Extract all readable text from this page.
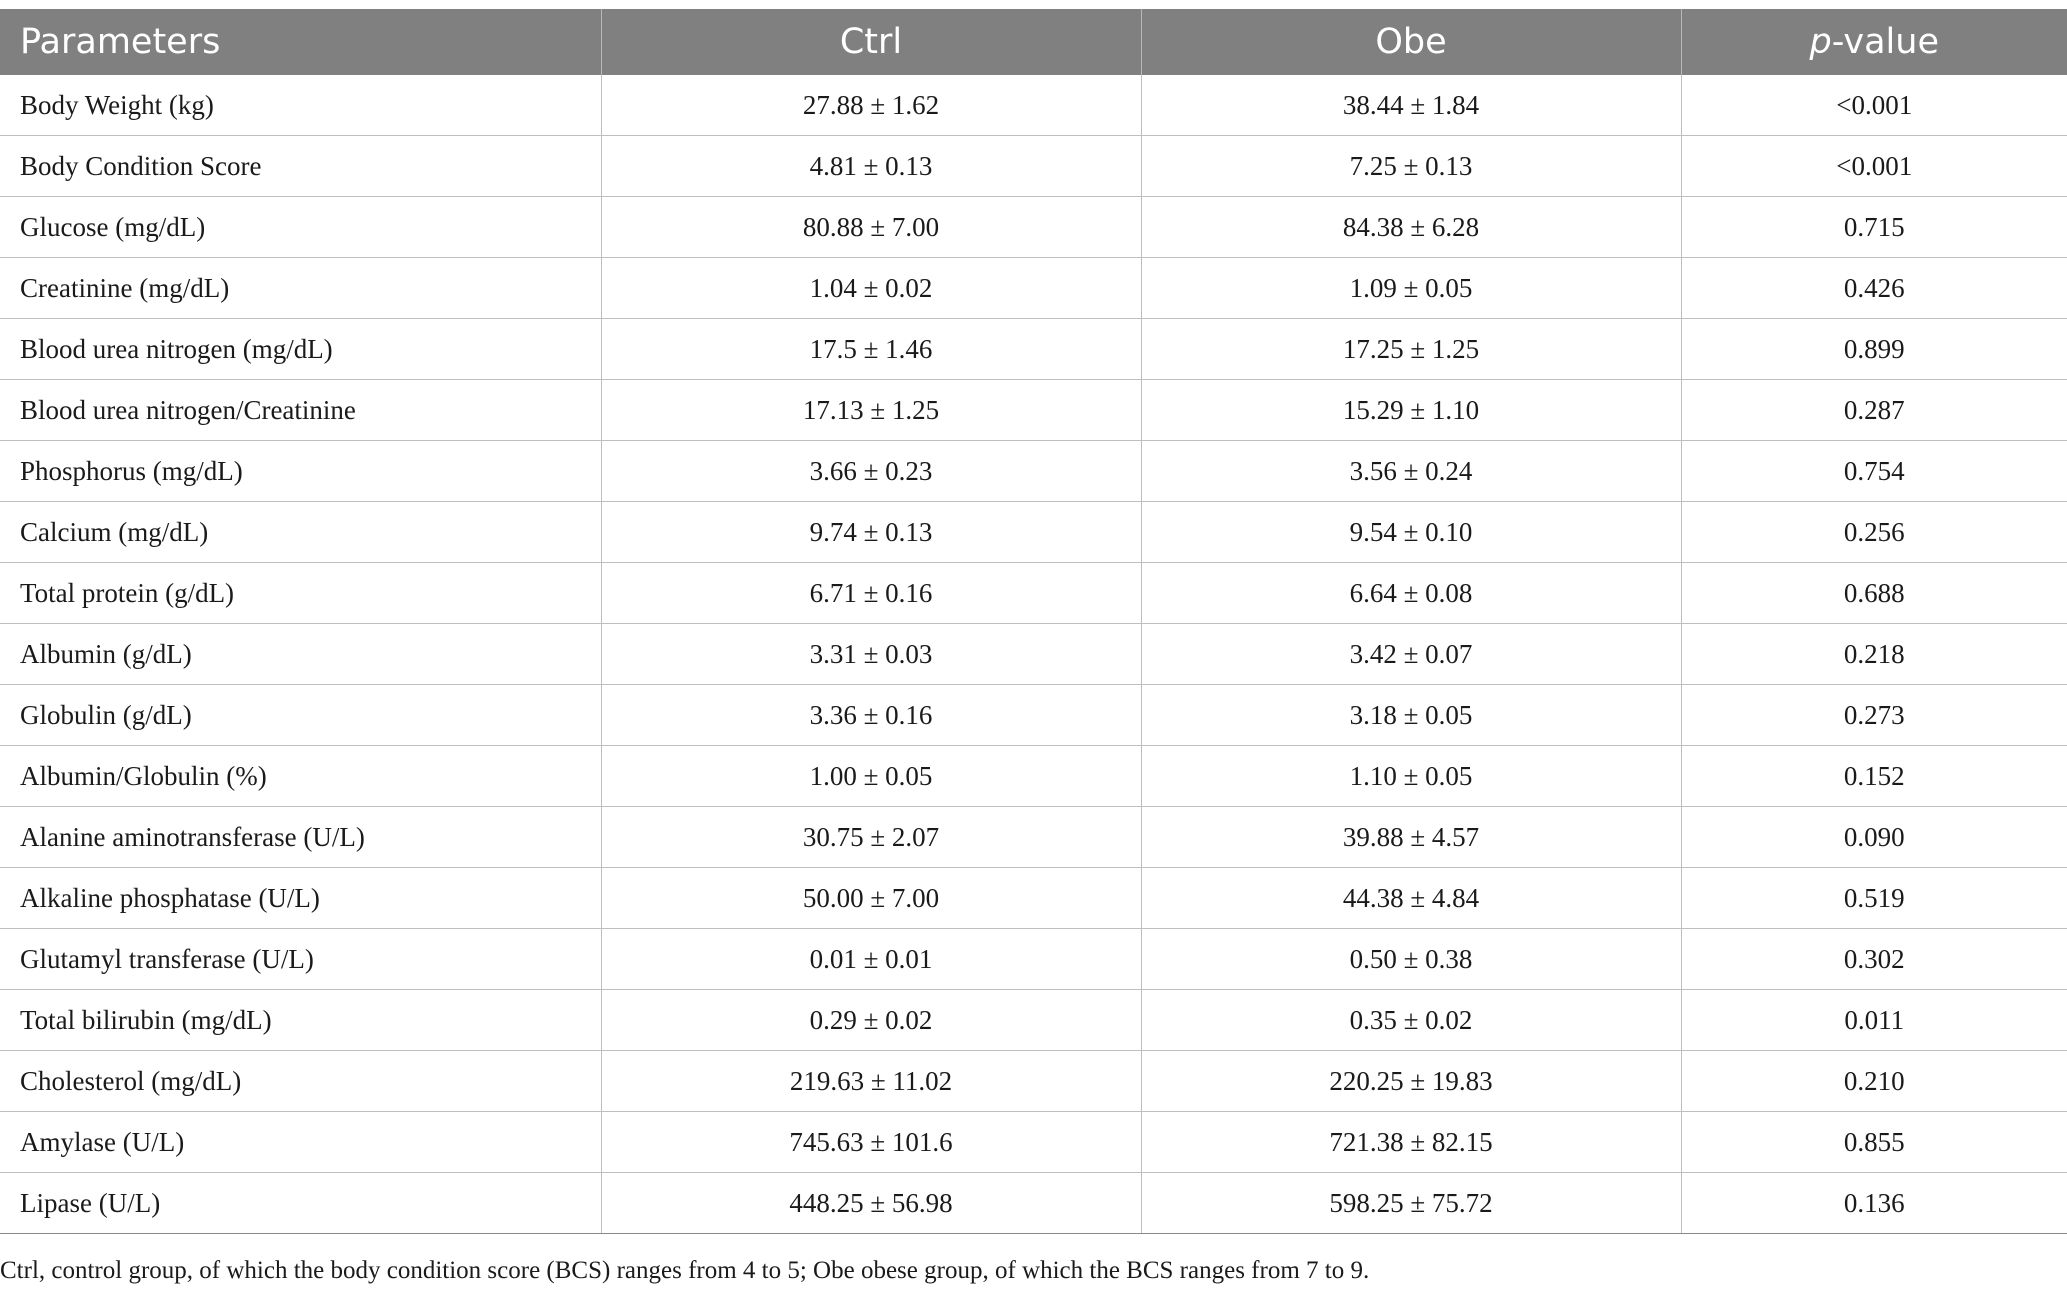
Parameters	Ctrl	Obe	p-value
Body Weight (kg)	27.88 ± 1.62	38.44 ± 1.84	<0.001
Body Condition Score	4.81 ± 0.13	7.25 ± 0.13	<0.001
Glucose (mg/dL)	80.88 ± 7.00	84.38 ± 6.28	0.715
Creatinine (mg/dL)	1.04 ± 0.02	1.09 ± 0.05	0.426
Blood urea nitrogen (mg/dL)	17.5 ± 1.46	17.25 ± 1.25	0.899
Blood urea nitrogen/Creatinine	17.13 ± 1.25	15.29 ± 1.10	0.287
Phosphorus (mg/dL)	3.66 ± 0.23	3.56 ± 0.24	0.754
Calcium (mg/dL)	9.74 ± 0.13	9.54 ± 0.10	0.256
Total protein (g/dL)	6.71 ± 0.16	6.64 ± 0.08	0.688
Albumin (g/dL)	3.31 ± 0.03	3.42 ± 0.07	0.218
Globulin (g/dL)	3.36 ± 0.16	3.18 ± 0.05	0.273
Albumin/Globulin (%)	1.00 ± 0.05	1.10 ± 0.05	0.152
Alanine aminotransferase (U/L)	30.75 ± 2.07	39.88 ± 4.57	0.090
Alkaline phosphatase (U/L)	50.00 ± 7.00	44.38 ± 4.84	0.519
Glutamyl transferase (U/L)	0.01 ± 0.01	0.50 ± 0.38	0.302
Total bilirubin (mg/dL)	0.29 ± 0.02	0.35 ± 0.02	0.011
Cholesterol (mg/dL)	219.63 ± 11.02	220.25 ± 19.83	0.210
Amylase (U/L)	745.63 ± 101.6	721.38 ± 82.15	0.855
Lipase (U/L)	448.25 ± 56.98	598.25 ± 75.72	0.136
Ctrl, control group, of which the body condition score (BCS) ranges from 4 to 5; Obe obese group, of which the BCS ranges from 7 to 9.
